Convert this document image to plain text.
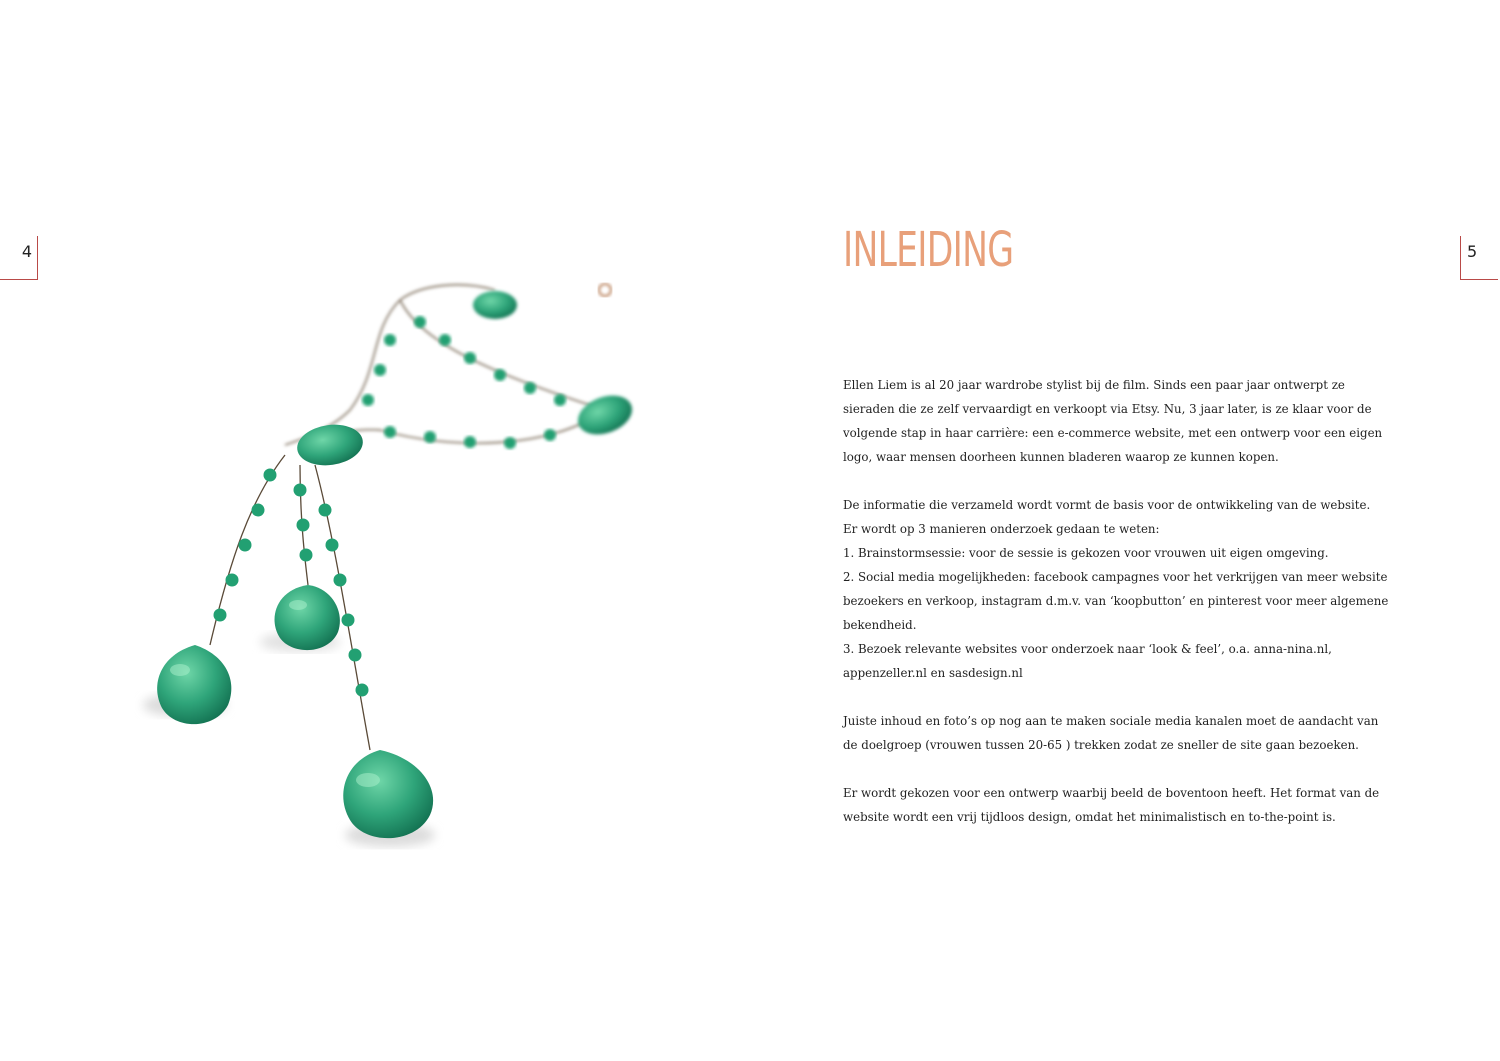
4	INLEIDING

Ellen Liem is al 20 jaar wardrobe stylist bij de film. Sinds een paar jaar ontwerpt ze sieraden die ze zelf vervaardigt en verkoopt via Etsy. Nu, 3 jaar later, is ze klaar voor de volgende stap in haar carrière: een e-commerce website, met een ontwerp voor een eigen logo, waar mensen doorheen kunnen bladeren waarop ze kunnen kopen.

De informatie die verzameld wordt vormt de basis voor de ontwikkeling van de website.
Er wordt op 3 manieren onderzoek gedaan te weten:
1. Brainstormsessie: voor de sessie is gekozen voor vrouwen uit eigen omgeving.
2. Social media mogelijkheden: facebook campagnes voor het verkrijgen van meer website bezoekers en verkoop, instagram d.m.v. van ‘koopbutton’ en pinterest voor meer algemene bekendheid.
3. Bezoek relevante websites voor onderzoek naar ‘look & feel’, o.a. anna-nina.nl, appenzeller.nl en sasdesign.nl

Juiste inhoud en foto’s op nog aan te maken sociale media kanalen moet de aandacht van de doelgroep (vrouwen tussen 20-65 ) trekken zodat ze sneller de site gaan bezoeken.

Er wordt gekozen voor een ontwerp waarbij beeld de boventoon heeft. Het format van de website wordt een vrij tijdloos design, omdat het minimalistisch en to-the-point is.

5
